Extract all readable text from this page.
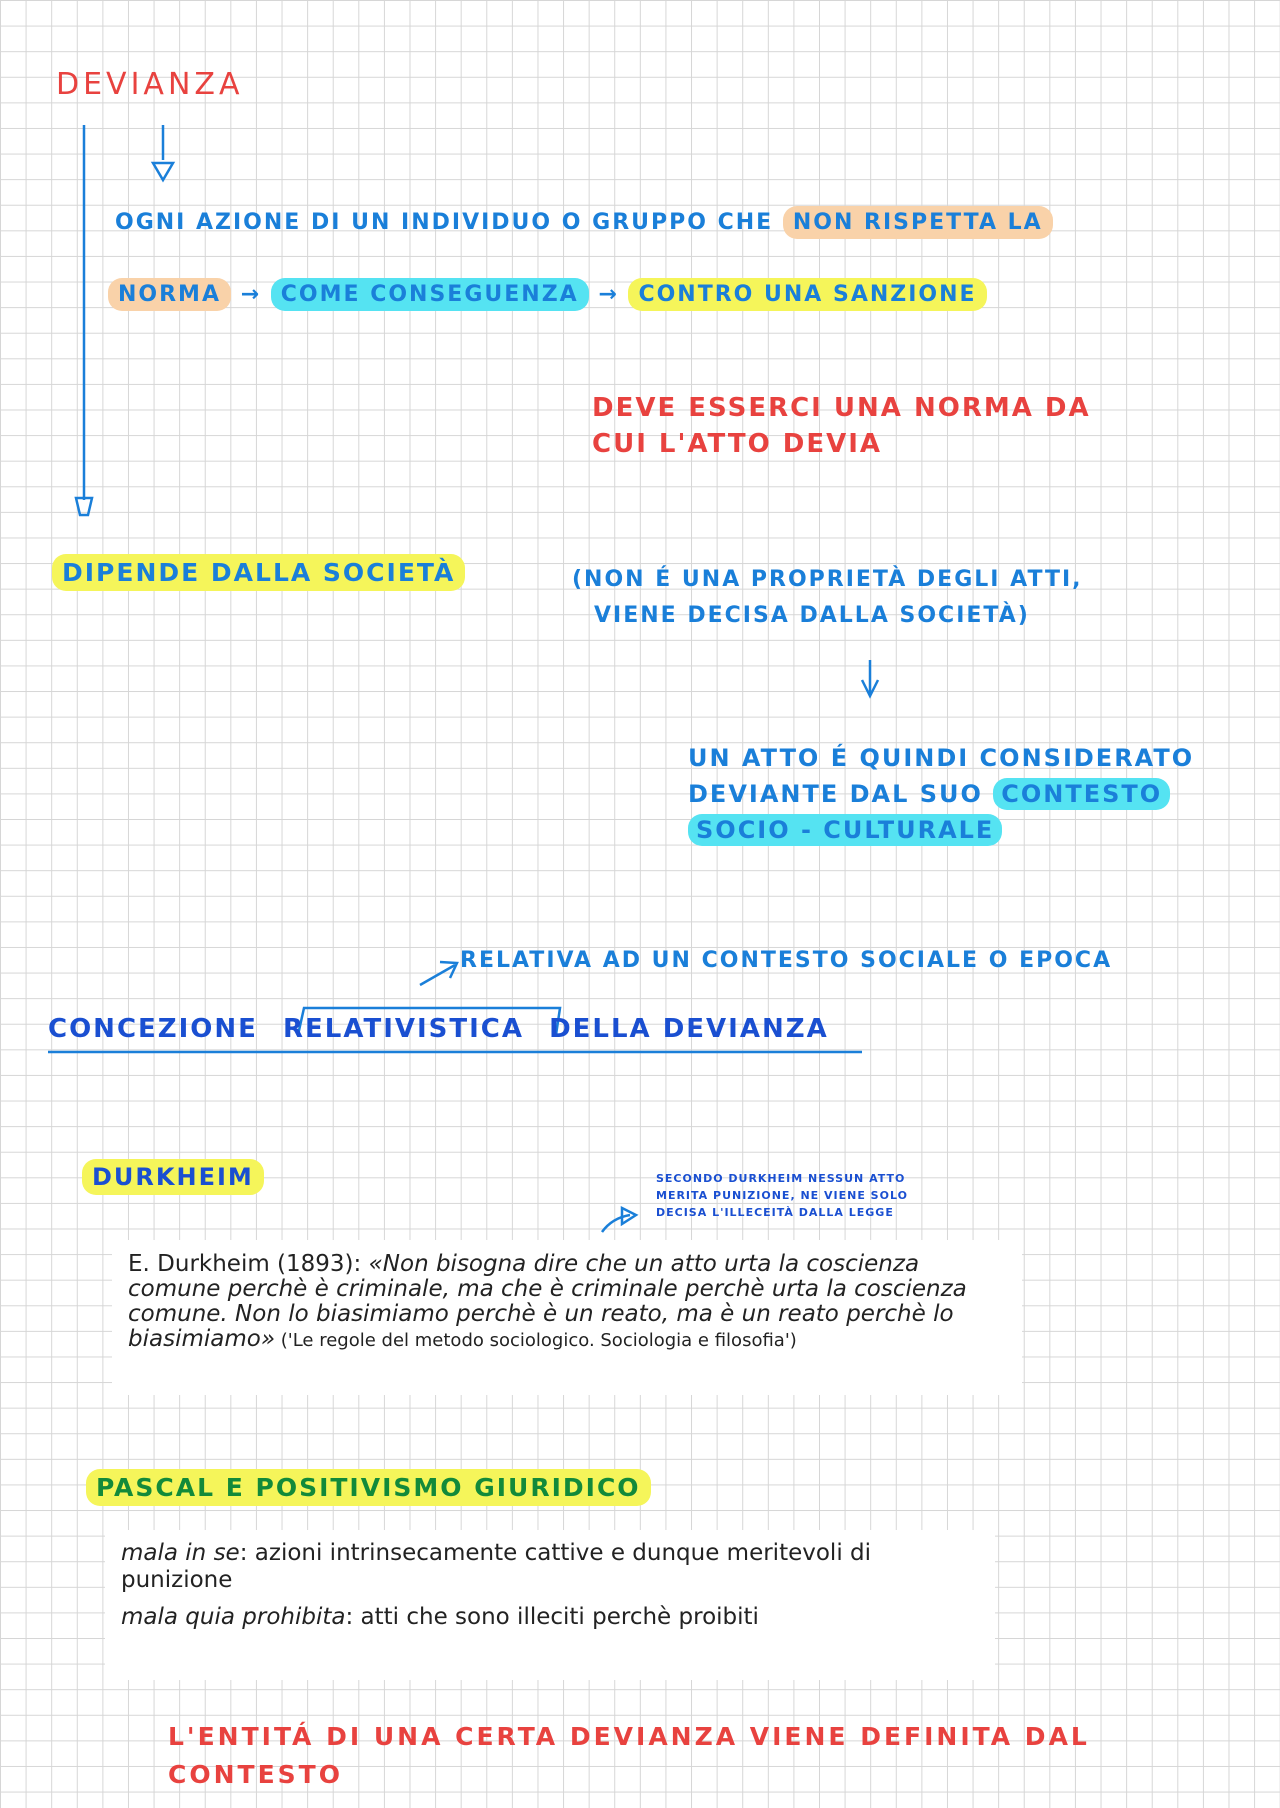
DEVIANZA
OGNI AZIONE DI UN INDIVIDUO O GRUPPO CHE NON RISPETTA LA
NORMA → COME CONSEGUENZA → CONTRO UNA SANZIONE
DEVE ESSERCI UNA NORMA DA
CUI L'ATTO DEVIA
DIPENDE DALLA SOCIETÀ	(NON É UNA PROPRIETÀ DEGLI ATTI,
VIENE DECISA DALLA SOCIETÀ)
UN ATTO É QUINDI CONSIDERATO
DEVIANTE DAL SUO CONTESTO
SOCIO - CULTURALE
RELATIVA AD UN CONTESTO SOCIALE O EPOCA
CONCEZIONE RELATIVISTICA DELLA DEVIANZA
DURKHEIM	SECONDO DURKHEIM NESSUN ATTO
MERITA PUNIZIONE, NE VIENE SOLO
DECISA L'ILLECEITÀ DALLA LEGGE

E. Durkheim (1893): «Non bisogna dire che un atto urta la coscienza comune perchè è criminale, ma che è criminale perchè urta la coscienza comune. Non lo biasimiamo perchè è un reato, ma è un reato perchè lo biasimiamo» ('Le regole del metodo sociologico. Sociologia e filosofia')

PASCAL E POSITIVISMO GIURIDICO

mala in se: azioni intrinsecamente cattive e dunque meritevoli di punizione

mala quia prohibita: atti che sono illeciti perchè proibiti

L'ENTITÁ DI UNA CERTA DEVIANZA VIENE DEFINITA DAL
CONTESTO
